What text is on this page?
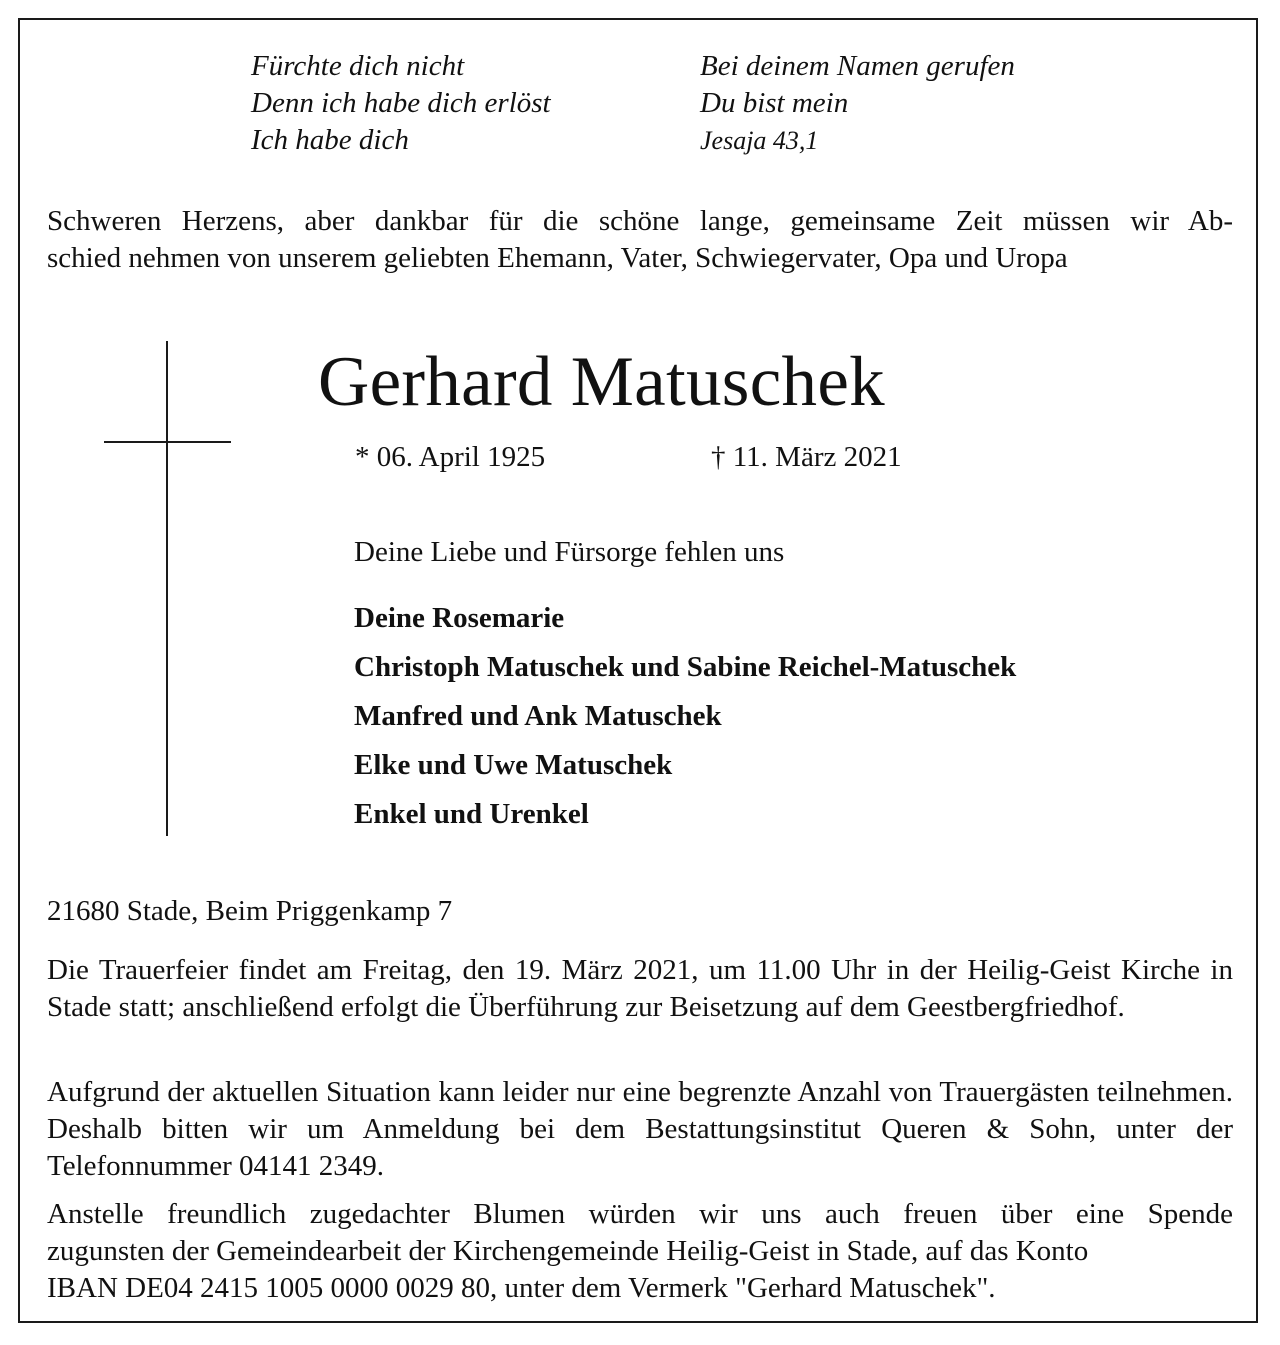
Fürchte dich nicht
Denn ich habe dich erlöst
Ich habe dich
Bei deinem Namen gerufen
Du bist mein
Jesaja 43,1
Schweren Herzens, aber dankbar für die schöne lange, gemeinsame Zeit müssen wir Ab-
schied nehmen von unserem geliebten Ehemann, Vater, Schwiegervater, Opa und Uropa
Gerhard Matuschek
* 06. April 1925	† 11. März 2021
Deine Liebe und Fürsorge fehlen uns
Deine Rosemarie
Christoph Matuschek und Sabine Reichel-Matuschek
Manfred und Ank Matuschek
Elke und Uwe Matuschek
Enkel und Urenkel
21680 Stade, Beim Priggenkamp 7
Die Trauerfeier findet am Freitag, den 19. März 2021, um 11.00 Uhr in der Heilig-Geist Kirche in Stade statt; anschließend erfolgt die Überführung zur Beisetzung auf dem Geestbergfriedhof.
Aufgrund der aktuellen Situation kann leider nur eine begrenzte Anzahl von Trauergästen teilnehmen. Deshalb bitten wir um Anmeldung bei dem Bestattungsinstitut Queren & Sohn, unter der Telefonnummer 04141 2349.
Anstelle freundlich zugedachter Blumen würden wir uns auch freuen über eine Spende
zugunsten der Gemeindearbeit der Kirchengemeinde Heilig-Geist in Stade, auf das Konto
IBAN DE04 2415 1005 0000 0029 80, unter dem Vermerk "Gerhard Matuschek".
